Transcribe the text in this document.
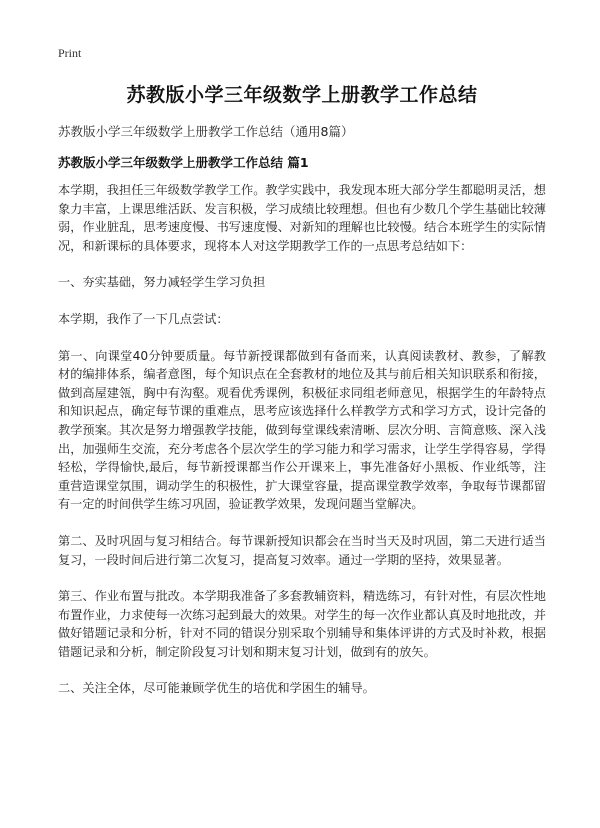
Print
苏教版小学三年级数学上册教学工作总结
苏教版小学三年级数学上册教学工作总结（通用8篇）
苏教版小学三年级数学上册教学工作总结 篇1

本学期，我担任三年级数学教学工作。教学实践中，我发现本班大部分学生都聪明灵活，想象力丰富，上课思维活跃、发言积极，学习成绩比较理想。但也有少数几个学生基础比较薄弱，作业脏乱，思考速度慢、书写速度慢、对新知的理解也比较慢。结合本班学生的实际情况，和新课标的具体要求，现将本人对这学期教学工作的一点思考总结如下：

一、夯实基础，努力减轻学生学习负担

本学期，我作了一下几点尝试：

第一、向课堂40分钟要质量。每节新授课都做到有备而来，认真阅读教材、教参，了解教材的编排体系，编者意图，每个知识点在全套教材的地位及其与前后相关知识联系和衔接，做到高屋建瓴，胸中有沟壑。观看优秀课例，积极征求同组老师意见，根据学生的年龄特点和知识起点，确定每节课的重难点，思考应该选择什么样教学方式和学习方式，设计完备的教学预案。其次是努力增强教学技能，做到每堂课线索清晰、层次分明、言简意赅、深入浅出，加强师生交流，充分考虑各个层次学生的学习能力和学习需求，让学生学得容易，学得轻松，学得愉快,最后，每节新授课都当作公开课来上，事先准备好小黑板、作业纸等，注重营造课堂氛围，调动学生的积极性，扩大课堂容量，提高课堂教学效率，争取每节课都留有一定的时间供学生练习巩固，验证教学效果，发现问题当堂解决。

第二、及时巩固与复习相结合。每节课新授知识都会在当时当天及时巩固，第二天进行适当复习，一段时间后进行第二次复习，提高复习效率。通过一学期的坚持，效果显著。

第三、作业布置与批改。本学期我准备了多套教辅资料，精选练习，有针对性，有层次性地布置作业，力求使每一次练习起到最大的效果。对学生的每一次作业都认真及时地批改，并做好错题记录和分析，针对不同的错误分别采取个别辅导和集体评讲的方式及时补救，根据错题记录和分析，制定阶段复习计划和期末复习计划，做到有的放矢。

二、关注全体，尽可能兼顾学优生的培优和学困生的辅导。
